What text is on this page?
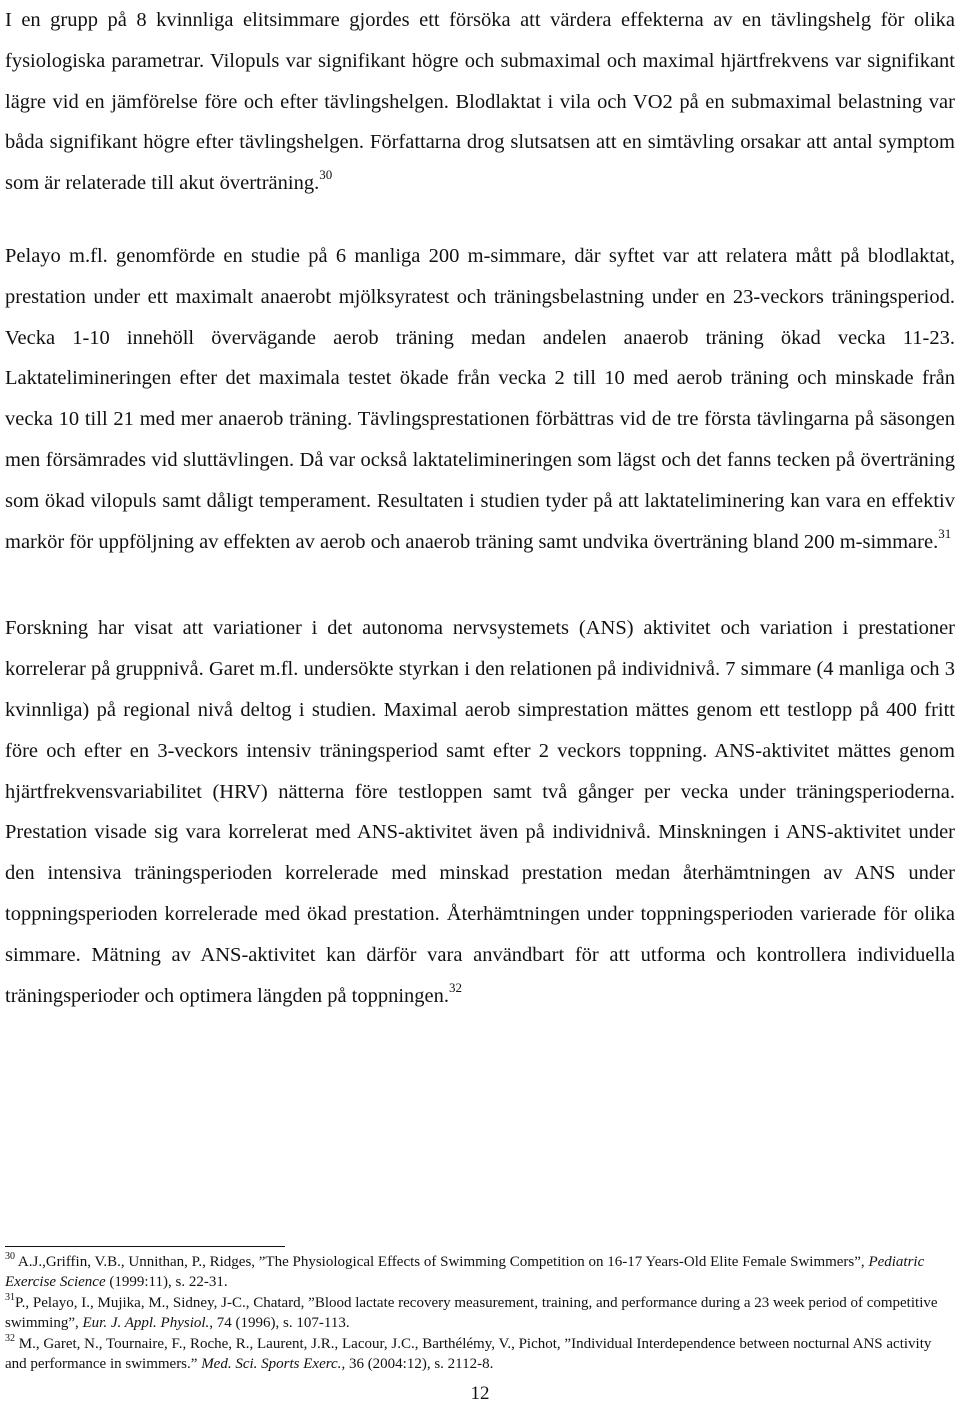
I en grupp på 8 kvinnliga elitsimmare gjordes ett försöka att värdera effekterna av en tävlingshelg för olika fysiologiska parametrar. Vilopuls var signifikant högre och submaximal och maximal hjärtfrekvens var signifikant lägre vid en jämförelse före och efter tävlingshelgen. Blodlaktat i vila och VO2 på en submaximal belastning var båda signifikant högre efter tävlingshelgen. Författarna drog slutsatsen att en simtävling orsakar att antal symptom som är relaterade till akut överträning.$^{30}$

Pelayo m.fl. genomförde en studie på 6 manliga 200 m-simmare, där syftet var att relatera mått på blodlaktat, prestation under ett maximalt anaerobt mjölksyratest och träningsbelastning under en 23-veckors träningsperiod. Vecka 1-10 innehöll övervägande aerob träning medan andelen anaerob träning ökad vecka 11-23. Laktateliminеringen efter det maximala testet ökade från vecka 2 till 10 med aerob träning och minskade från vecka 10 till 21 med mer anaerob träning. Tävlingsprestationen förbättras vid de tre första tävlingarna på säsongen men försämrades vid sluttävlingen. Då var också laktateliminеringen som lägst och det fanns tecken på överträning som ökad vilopuls samt dåligt temperament. Resultaten i studien tyder på att laktateliminering kan vara en effektiv markör för uppföljning av effekten av aerob och anaerob träning samt undvika överträning bland 200 m-simmare.$^{31}$

Forskning har visat att variationer i det autonoma nervsystemets (ANS) aktivitet och variation i prestationer korrelerar på gruppnivå. Garet m.fl. undersökte styrkan i den relationen på individnivå. 7 simmare (4 manliga och 3 kvinnliga) på regional nivå deltog i studien. Maximal aerob simprestation mättes genom ett testlopp på 400 fritt före och efter en 3-veckors intensiv träningsperiod samt efter 2 veckors toppning. ANS-aktivitet mättes genom hjärtfrekvensvariabilitet (HRV) nätterna före testloppen samt två gånger per vecka under träningsperioderna. Prestation visade sig vara korrelerat med ANS-aktivitet även på individnivå. Minskningen i ANS-aktivitet under den intensiva träningsperioden korrelerade med minskad prestation medan återhämtningen av ANS under toppningsperioden korrelerade med ökad prestation. Återhämtningen under toppningsperioden varierade för olika simmare. Mätning av ANS-aktivitet kan därför vara användbart för att utforma och kontrollera individuella träningsperioder och optimera längden på toppningen.$^{32}$

$^{30}$ A.J.,Griffin, V.B., Unnithan, P., Ridges, ”The Physiological Effects of Swimming Competition on 16-17 Years-Old Elite Female Swimmers”, Pediatric Exercise Science (1999:11), s. 22-31.

$^{31}$P., Pelayo, I., Mujika, M., Sidney, J-C., Chatard, ”Blood lactate recovery measurement, training, and performance during a 23 week period of competitive swimming”, Eur. J. Appl. Physiol., 74 (1996), s. 107-113.

$^{32}$ M., Garet, N., Tournaire, F., Roche, R., Laurent, J.R., Lacour, J.C., Barthélémy, V., Pichot, ”Individual Interdependence between nocturnal ANS activity and performance in swimmers.” Med. Sci. Sports Exerc., 36 (2004:12), s. 2112-8.

12
